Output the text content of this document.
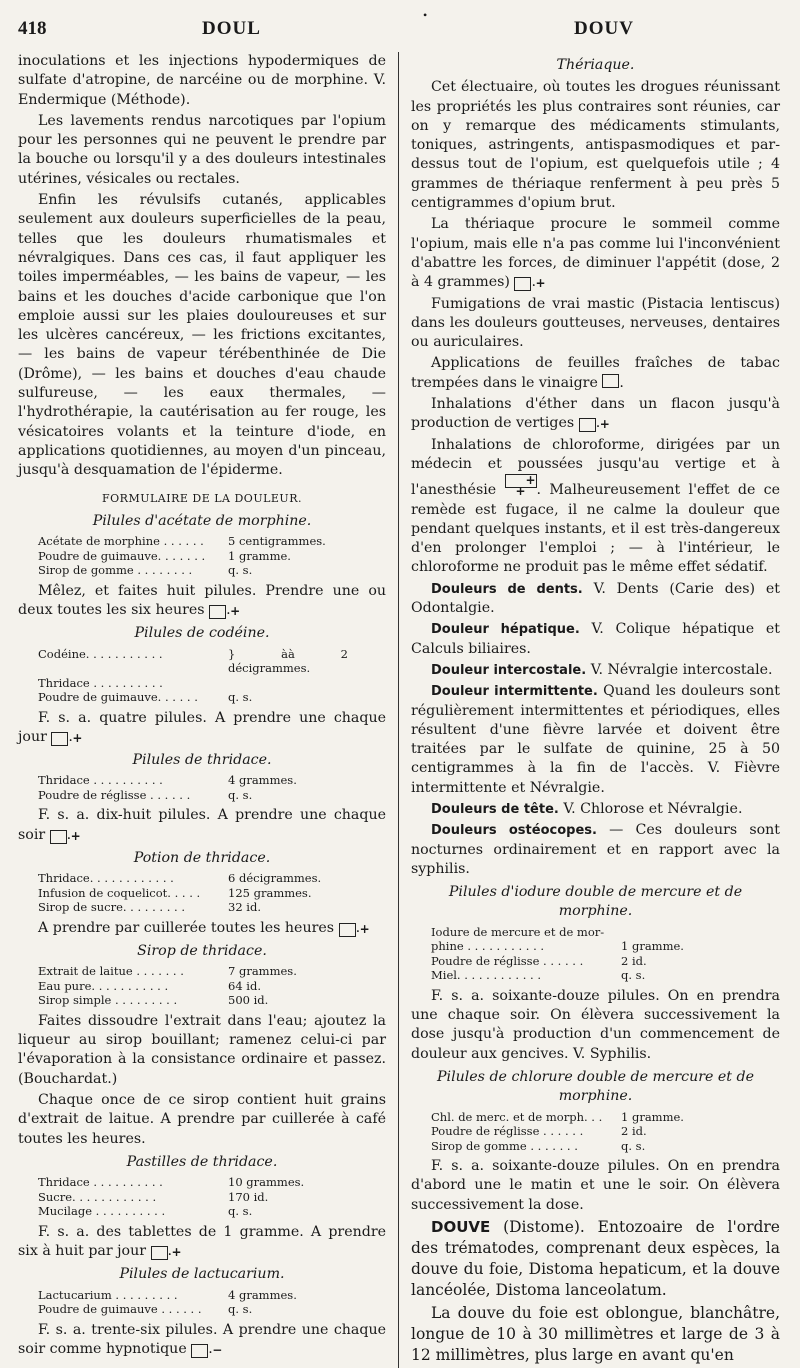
418	DOUL
•
DOUV

inoculations et les injections hypodermiques de sulfate d'atropine, de narcéine ou de morphine. V. Endermique (Méthode).

Les lavements rendus narcotiques par l'opium pour les personnes qui ne peuvent le prendre par la bouche ou lorsqu'il y a des douleurs intestinales utérines, vésicales ou rectales.

Enfin les révulsifs cutanés, applicables seulement aux douleurs superficielles de la peau, telles que les douleurs rhumatismales et névralgiques. Dans ces cas, il faut appliquer les toiles imperméables, — les bains de vapeur, — les bains et les douches d'acide carbonique que l'on emploie aussi sur les plaies douloureuses et sur les ulcères cancéreux, — les frictions excitantes, — les bains de vapeur térébenthinée de Die (Drôme), — les bains et douches d'eau chaude sulfureuse, — les eaux thermales, — l'hydrothérapie, la cautérisation au fer rouge, les vésicatoires volants et la teinture d'iode, en applications quotidiennes, au moyen d'un pinceau, jusqu'à desquamation de l'épiderme.

FORMULAIRE DE LA DOULEUR.
Pilules d'acétate de morphine.
Acétate de morphine . . . . . .	5 centigrammes.
Poudre de guimauve. . . . . . .	1 gramme.
Sirop de gomme . . . . . . . .	q. s.

Mêlez, et faites huit pilules. Prendre une ou deux toutes les six heures +.

Pilules de codéine.
Codéine. . . . . . . . . . .	} àà 2 décigrammes.
Thridace . . . . . . . . . .
Poudre de guimauve. . . . . .	q. s.

F. s. a. quatre pilules. A prendre une chaque jour +.

Pilules de thridace.
Thridace . . . . . . . . . .	4 grammes.
Poudre de réglisse . . . . . .	q. s.

F. s. a. dix-huit pilules. A prendre une chaque soir +.

Potion de thridace.
Thridace. . . . . . . . . . . .	6 décigrammes.
Infusion de coquelicot. . . . .	125 grammes.
Sirop de sucre. . . . . . . . .	32 id.

A prendre par cuillerée toutes les heures +.

Sirop de thridace.
Extrait de laitue . . . . . . .	7 grammes.
Eau pure. . . . . . . . . . .	64 id.
Sirop simple . . . . . . . . .	500 id.

Faites dissoudre l'extrait dans l'eau; ajoutez la liqueur au sirop bouillant; ramenez celui-ci par l'évaporation à la consistance ordinaire et passez. (Bouchardat.)

Chaque once de ce sirop contient huit grains d'extrait de laitue. A prendre par cuillerée à café toutes les heures.

Pastilles de thridace.
Thridace . . . . . . . . . .	10 grammes.
Sucre. . . . . . . . . . . .	170 id.
Mucilage . . . . . . . . . .	q. s.

F. s. a. des tablettes de 1 gramme. A prendre six à huit par jour +.

Pilules de lactucarium.
Lactucarium . . . . . . . . .	4 grammes.
Poudre de guimauve . . . . . .	q. s.

F. s. a. trente-six pilules. A prendre une chaque soir comme hypnotique −.

Thériaque.

Cet électuaire, où toutes les drogues réunissant les propriétés les plus contraires sont réunies, car on y remarque des médicaments stimulants, toniques, astringents, antispasmodiques et par-dessus tout de l'opium, est quelquefois utile ; 4 grammes de thériaque renferment à peu près 5 centigrammes d'opium brut.

La thériaque procure le sommeil comme l'opium, mais elle n'a pas comme lui l'inconvénient d'abattre les forces, de diminuer l'appétit (dose, 2 à 4 grammes) +.

Fumigations de vrai mastic (Pistacia lentiscus) dans les douleurs goutteuses, nerveuses, dentaires ou auriculaires.

Applications de feuilles fraîches de tabac trempées dans le vinaigre .

Inhalations d'éther dans un flacon jusqu'à production de vertiges +.

Inhalations de chloroforme, dirigées par un médecin et poussées jusqu'au vertige et à l'anesthésie + + . Malheureusement l'effet de ce remède est fugace, il ne calme la douleur que pendant quelques instants, et il est très-dangereux d'en prolonger l'emploi ; — à l'intérieur, le chloroforme ne produit pas le même effet sédatif.

Douleurs de dents. V. Dents (Carie des) et Odontalgie.

Douleur hépatique. V. Colique hépatique et Calculs biliaires.

Douleur intercostale. V. Névralgie intercostale.

Douleur intermittente. Quand les douleurs sont régulièrement intermittentes et périodiques, elles résultent d'une fièvre larvée et doivent être traitées par le sulfate de quinine, 25 à 50 centigrammes à la fin de l'accès. V. Fièvre intermittente et Névralgie.

Douleurs de tête. V. Chlorose et Névralgie.

Douleurs ostéocopes. — Ces douleurs sont nocturnes ordinairement et en rapport avec la syphilis.

Pilules d'iodure double de mercure et de morphine.
Iodure de mercure et de mor-
phine . . . . . . . . . . .	1 gramme.
Poudre de réglisse . . . . . .	2 id.
Miel. . . . . . . . . . . .	q. s.

F. s. a. soixante-douze pilules. On en prendra une chaque soir. On élèvera successivement la dose jusqu'à production d'un commencement de douleur aux gencives. V. Syphilis.

Pilules de chlorure double de mercure et de morphine.
Chl. de merc. et de morph. . .	1 gramme.
Poudre de réglisse . . . . . .	2 id.
Sirop de gomme . . . . . . .	q. s.

F. s. a. soixante-douze pilules. On en prendra d'abord une le matin et une le soir. On élèvera successivement la dose.

DOUVE (Distome). Entozoaire de l'ordre des trématodes, comprenant deux espèces, la douve du foie, Distoma hepaticum, et la douve lancéolée, Distoma lanceolatum.

La douve du foie est oblongue, blanchâtre, longue de 10 à 30 millimètres et large de 3 à 12 millimètres, plus large en avant qu'en
